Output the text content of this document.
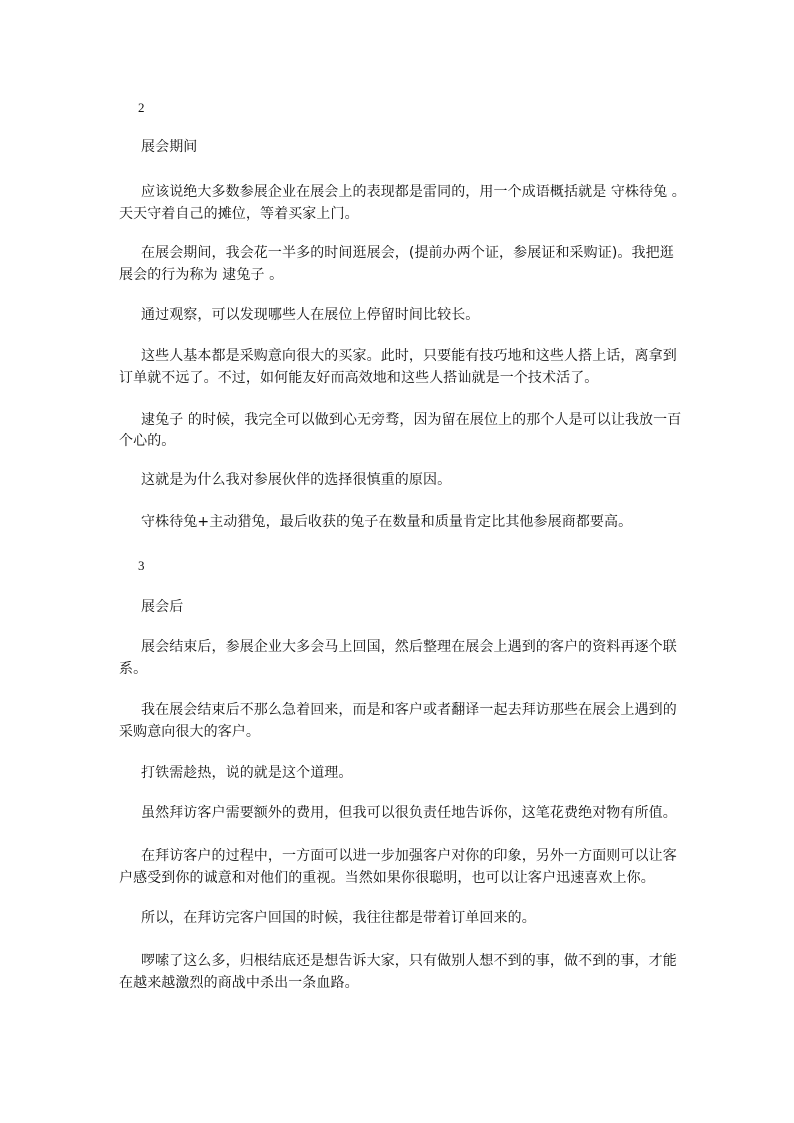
2
展会期间
应该说绝大多数参展企业在展会上的表现都是雷同的，用一个成语概括就是 守株待兔 。
天天守着自己的摊位，等着买家上门。
在展会期间，我会花一半多的时间逛展会，(提前办两个证，参展证和采购证)。我把逛
展会的行为称为 逮兔子 。
通过观察，可以发现哪些人在展位上停留时间比较长。
这些人基本都是采购意向很大的买家。此时，只要能有技巧地和这些人搭上话，离拿到
订单就不远了。不过，如何能友好而高效地和这些人搭讪就是一个技术活了。
逮兔子 的时候，我完全可以做到心无旁骛，因为留在展位上的那个人是可以让我放一百
个心的。
这就是为什么我对参展伙伴的选择很慎重的原因。
守株待兔+主动猎兔，最后收获的兔子在数量和质量肯定比其他参展商都要高。
3
展会后
展会结束后，参展企业大多会马上回国，然后整理在展会上遇到的客户的资料再逐个联
系。
我在展会结束后不那么急着回来，而是和客户或者翻译一起去拜访那些在展会上遇到的
采购意向很大的客户。
打铁需趁热，说的就是这个道理。
虽然拜访客户需要额外的费用，但我可以很负责任地告诉你，这笔花费绝对物有所值。
在拜访客户的过程中，一方面可以进一步加强客户对你的印象，另外一方面则可以让客
户感受到你的诚意和对他们的重视。当然如果你很聪明，也可以让客户迅速喜欢上你。
所以，在拜访完客户回国的时候，我往往都是带着订单回来的。
啰嗦了这么多，归根结底还是想告诉大家，只有做别人想不到的事，做不到的事，才能
在越来越激烈的商战中杀出一条血路。
